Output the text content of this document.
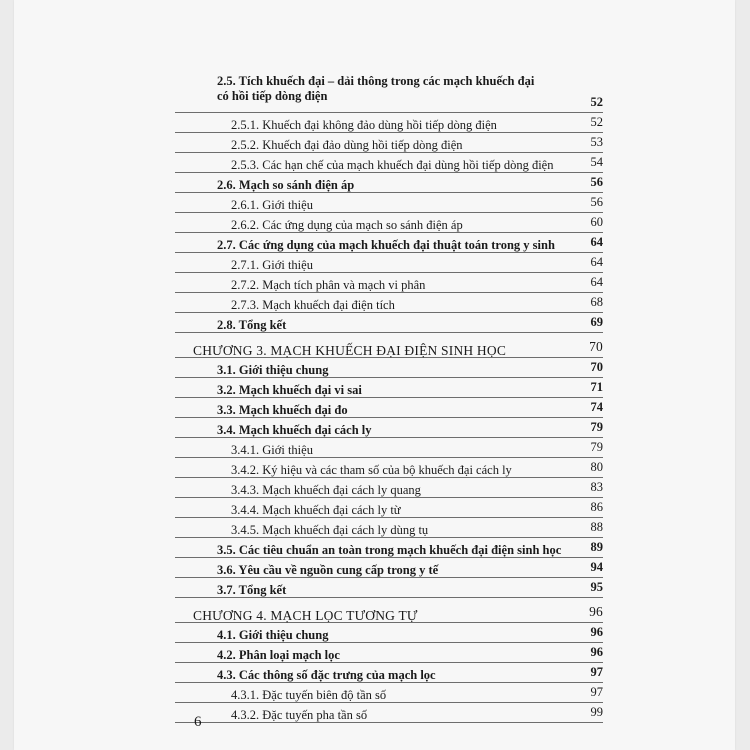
2.5. Tích khuếch đại – dải thông trong các mạch khuếch đại có hồi tiếp dòng điện	52
2.5.1. Khuếch đại không đảo dùng hồi tiếp dòng điện	52
2.5.2. Khuếch đại đảo dùng hồi tiếp dòng điện	53
2.5.3. Các hạn chế của mạch khuếch đại dùng hồi tiếp dòng điện	54
2.6. Mạch so sánh điện áp	56
2.6.1. Giới thiệu	56
2.6.2. Các ứng dụng của mạch so sánh điện áp	60
2.7. Các ứng dụng của mạch khuếch đại thuật toán trong y sinh	64
2.7.1. Giới thiệu	64
2.7.2. Mạch tích phân và mạch vi phân	64
2.7.3. Mạch khuếch đại điện tích	68
2.8. Tổng kết	69
CHƯƠNG 3. MẠCH KHUẾCH ĐẠI ĐIỆN SINH HỌC	70
3.1. Giới thiệu chung	70
3.2. Mạch khuếch đại vi sai	71
3.3. Mạch khuếch đại đo	74
3.4. Mạch khuếch đại cách ly	79
3.4.1. Giới thiệu	79
3.4.2. Ký hiệu và các tham số của bộ khuếch đại cách ly	80
3.4.3. Mạch khuếch đại cách ly quang	83
3.4.4. Mạch khuếch đại cách ly từ	86
3.4.5. Mạch khuếch đại cách ly dùng tụ	88
3.5. Các tiêu chuẩn an toàn trong mạch khuếch đại điện sinh học	89
3.6. Yêu cầu về nguồn cung cấp trong y tế	94
3.7. Tổng kết	95
CHƯƠNG 4. MẠCH LỌC TƯƠNG TỰ	96
4.1. Giới thiệu chung	96
4.2. Phân loại mạch lọc	96
4.3. Các thông số đặc trưng của mạch lọc	97
4.3.1. Đặc tuyến biên độ tần số	97
4.3.2. Đặc tuyến pha tần số	99
6
